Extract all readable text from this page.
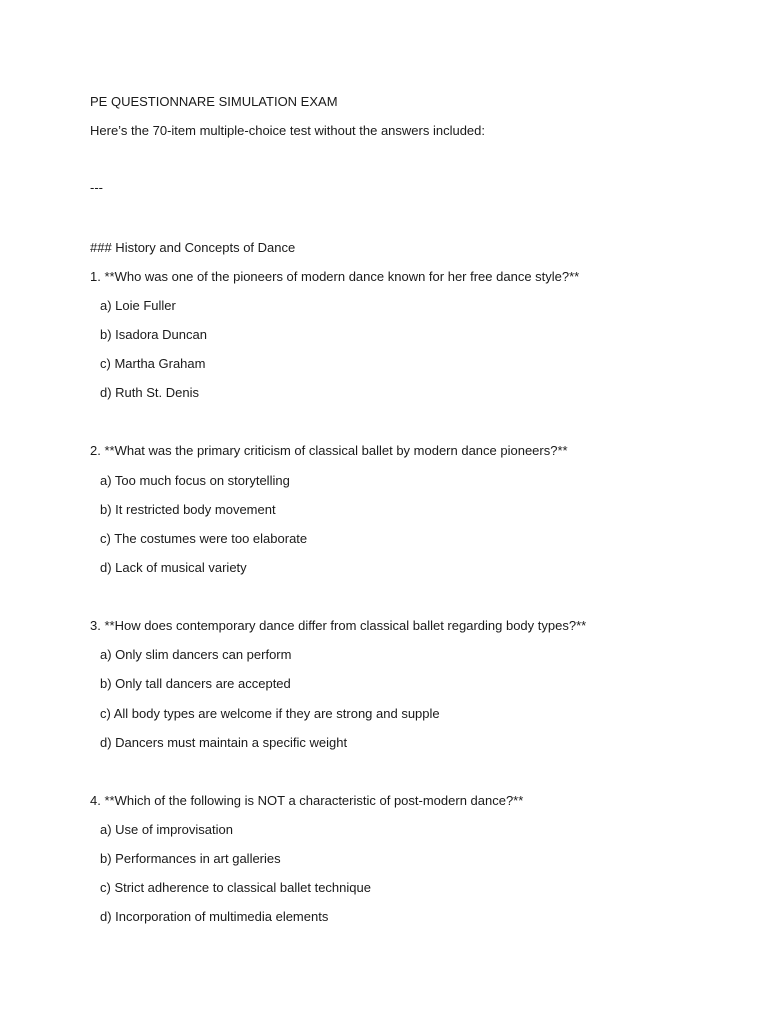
PE QUESTIONNARE SIMULATION EXAM
Here’s the 70-item multiple-choice test without the answers included:
---
### History and Concepts of Dance
1. **Who was one of the pioneers of modern dance known for her free dance style?**
a) Loie Fuller
b) Isadora Duncan
c) Martha Graham
d) Ruth St. Denis
2. **What was the primary criticism of classical ballet by modern dance pioneers?**
a) Too much focus on storytelling
b) It restricted body movement
c) The costumes were too elaborate
d) Lack of musical variety
3. **How does contemporary dance differ from classical ballet regarding body types?**
a) Only slim dancers can perform
b) Only tall dancers are accepted
c) All body types are welcome if they are strong and supple
d) Dancers must maintain a specific weight
4. **Which of the following is NOT a characteristic of post-modern dance?**
a) Use of improvisation
b) Performances in art galleries
c) Strict adherence to classical ballet technique
d) Incorporation of multimedia elements
